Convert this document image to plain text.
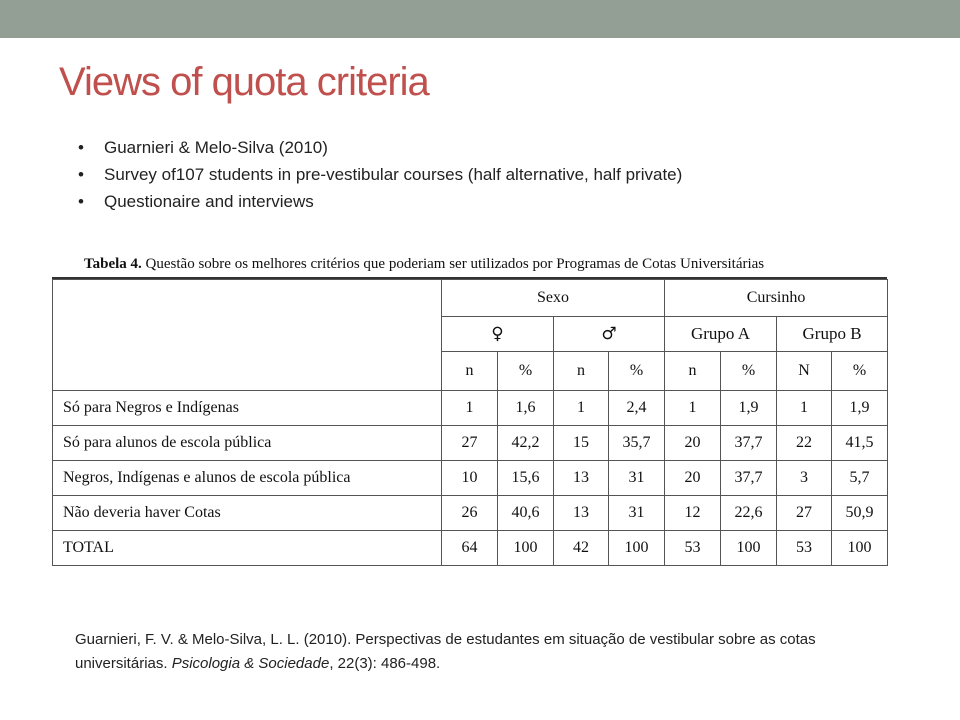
Views of quota criteria
• Guarnieri & Melo-Silva (2010)
• Survey of107 students in pre-vestibular courses (half alternative, half private)
• Questionaire and interviews
Tabela 4. Questão sobre os melhores critérios que poderiam ser utilizados por Programas de Cotas Universitárias
	Sexo				Cursinho			
	♀		♂		Grupo A		Grupo B	
	n	%	n	%	n	%	N	%
Só para Negros e Indígenas	1	1,6	1	2,4	1	1,9	1	1,9
Só para alunos de escola pública	27	42,2	15	35,7	20	37,7	22	41,5
Negros, Indígenas e alunos de escola pública	10	15,6	13	31	20	37,7	3	5,7
Não deveria haver Cotas	26	40,6	13	31	12	22,6	27	50,9
TOTAL	64	100	42	100	53	100	53	100
Guarnieri, F. V. & Melo-Silva, L. L. (2010). Perspectivas de estudantes em situação de vestibular sobre as cotas universitárias. Psicologia & Sociedade, 22(3): 486-498.
